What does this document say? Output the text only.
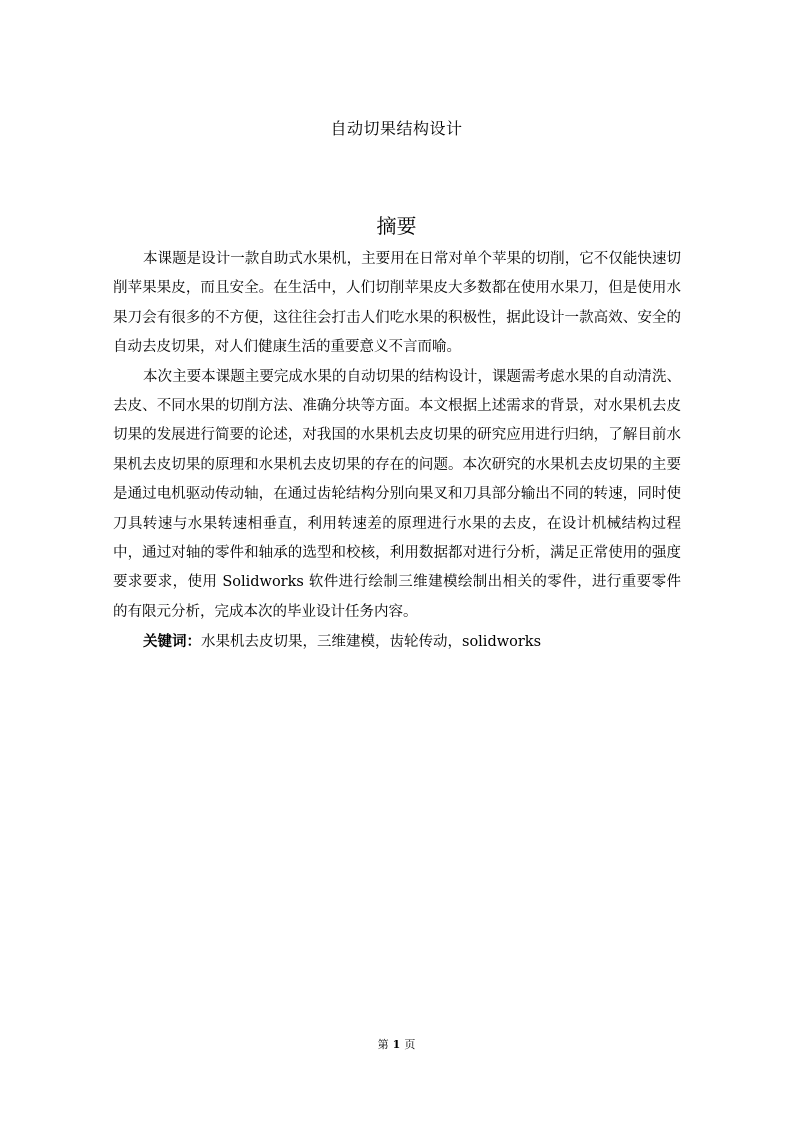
自动切果结构设计
摘要

本课题是设计一款自助式水果机，主要用在日常对单个苹果的切削，它不仅能快速切削苹果果皮，而且安全。在生活中，人们切削苹果皮大多数都在使用水果刀，但是使用水果刀会有很多的不方便，这往往会打击人们吃水果的积极性，据此设计一款高效、安全的自动去皮切果，对人们健康生活的重要意义不言而喻。

本次主要本课题主要完成水果的自动切果的结构设计，课题需考虑水果的自动清洗、去皮、不同水果的切削方法、准确分块等方面。本文根据上述需求的背景，对水果机去皮切果的发展进行简要的论述，对我国的水果机去皮切果的研究应用进行归纳，了解目前水果机去皮切果的原理和水果机去皮切果的存在的问题。本次研究的水果机去皮切果的主要是通过电机驱动传动轴，在通过齿轮结构分别向果叉和刀具部分输出不同的转速，同时使刀具转速与水果转速相垂直，利用转速差的原理进行水果的去皮，在设计机械结构过程中，通过对轴的零件和轴承的选型和校核，利用数据都对进行分析，满足正常使用的强度要求要求，使用 Solidworks 软件进行绘制三维建模绘制出相关的零件，进行重要零件的有限元分析，完成本次的毕业设计任务内容。

关键词：水果机去皮切果，三维建模，齿轮传动，solidworks

第 1 页
